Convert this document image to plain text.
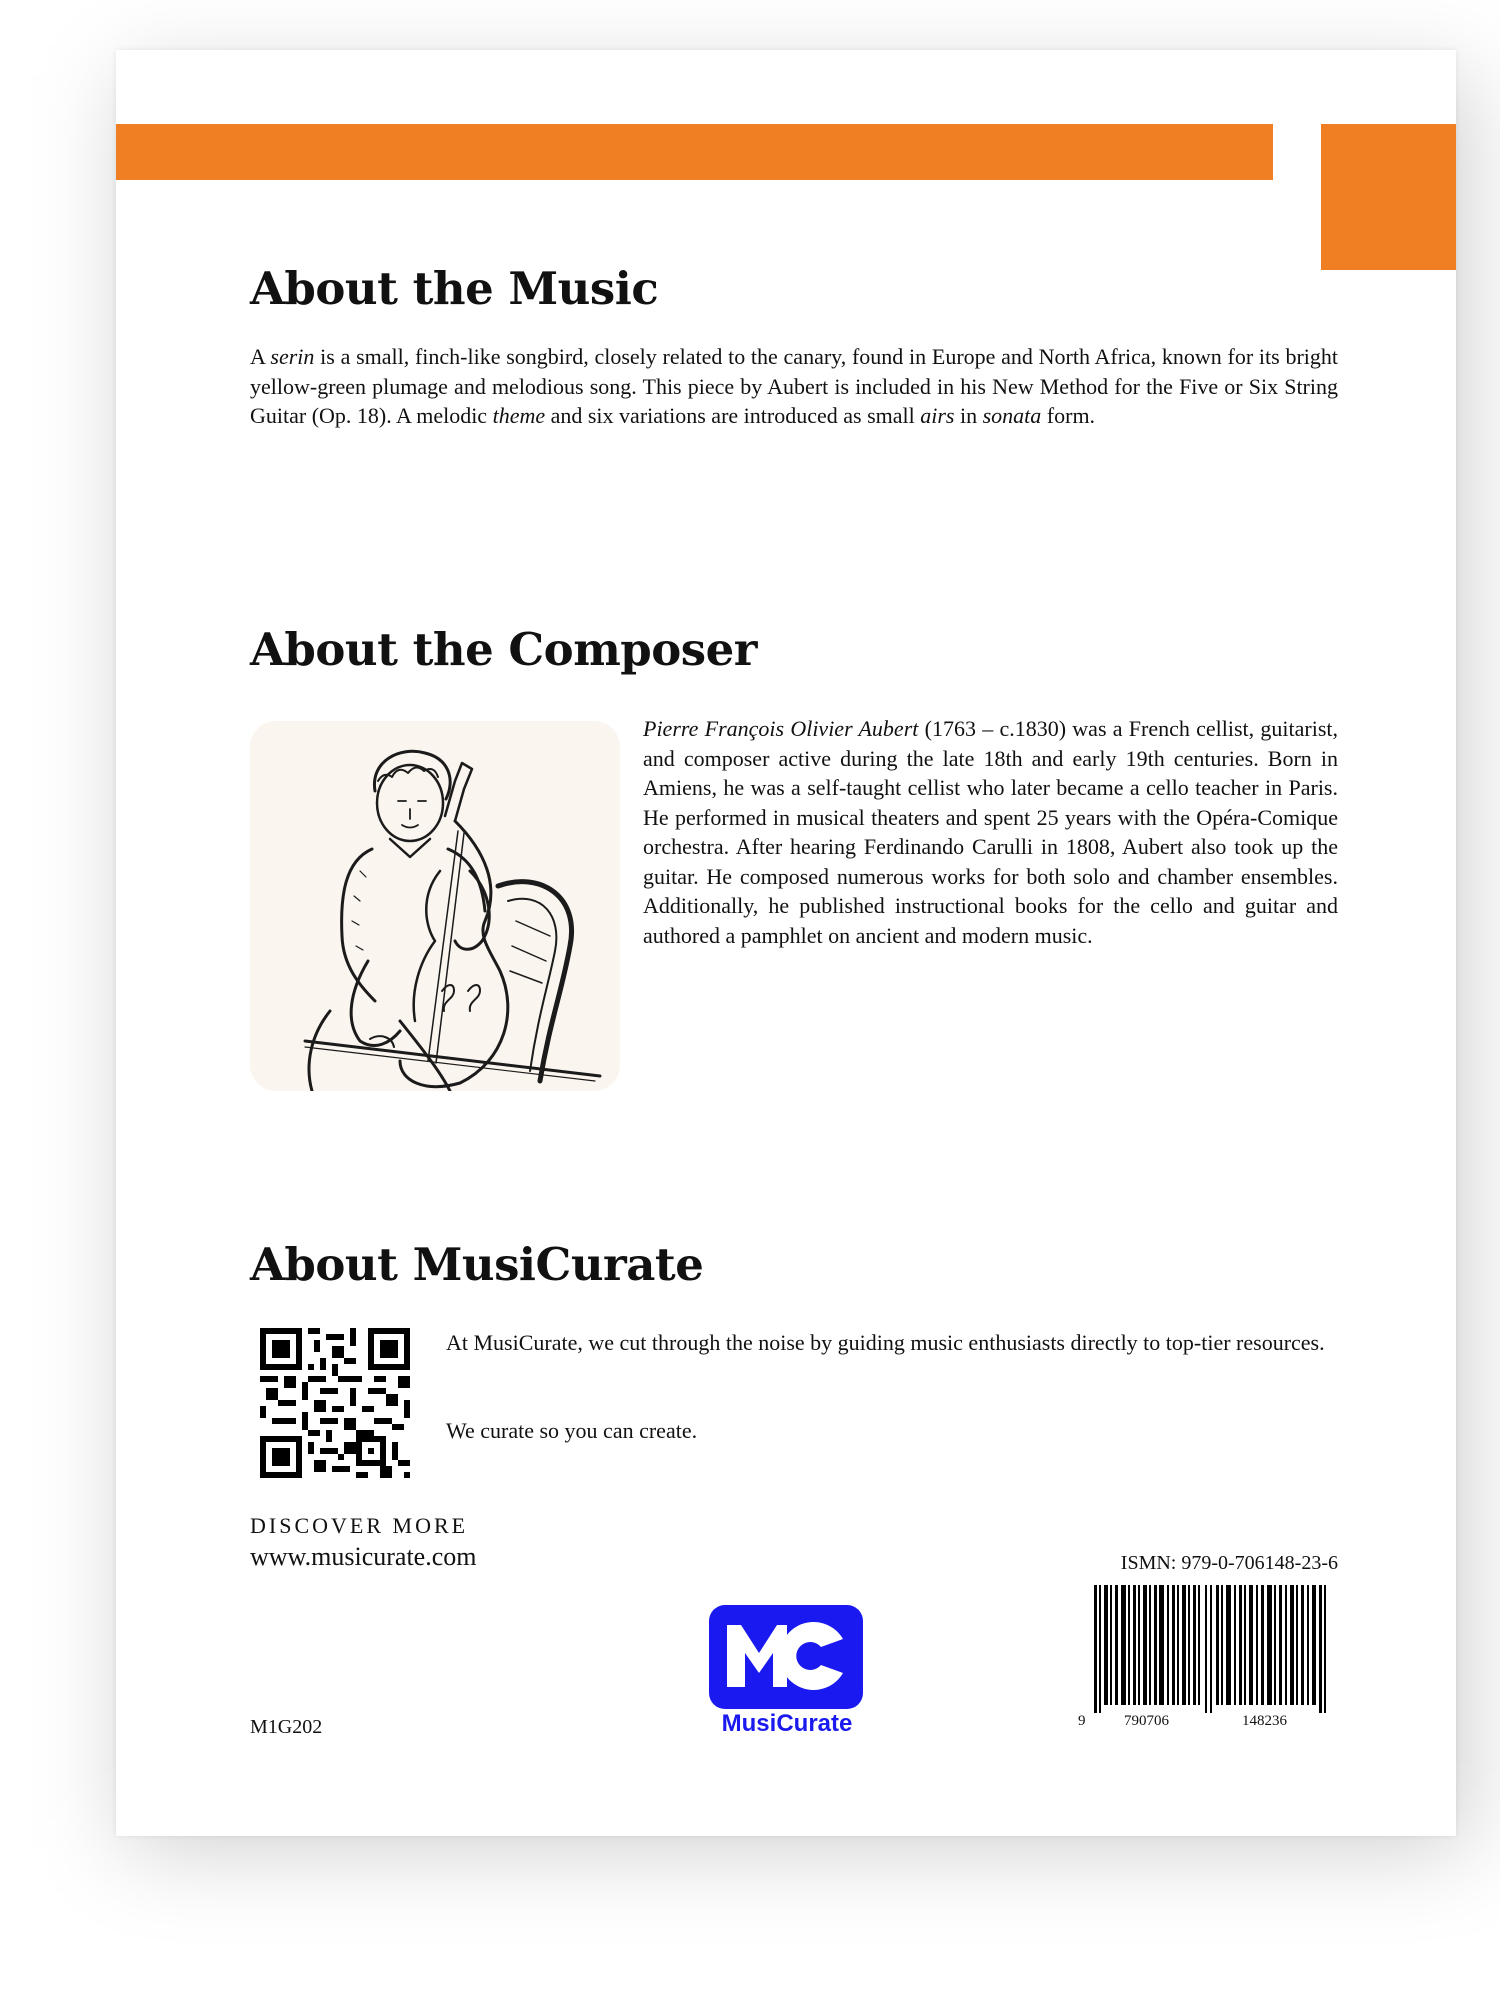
About the Music

A serin is a small, finch-like songbird, closely related to the canary, found in Europe and North Africa, known for its bright yellow-green plumage and melodious song. This piece by Aubert is included in his New Method for the Five or Six String Guitar (Op. 18). A melodic theme and six variations are introduced as small airs in sonata form.

About the Composer

Pierre François Olivier Aubert (1763 – c.1830) was a French cellist, guitarist, and composer active during the late 18th and early 19th centuries. Born in Amiens, he was a self-taught cellist who later became a cello teacher in Paris. He performed in musical theaters and spent 25 years with the Opéra-Comique orchestra. After hearing Ferdinando Carulli in 1808, Aubert also took up the guitar. He composed numerous works for both solo and chamber ensembles. Additionally, he published instructional books for the cello and guitar and authored a pamphlet on ancient and modern music.

About MusiCurate

At MusiCurate, we cut through the noise by guiding music enthusiasts directly to top-tier resources.

We curate so you can create.

DISCOVER MORE
www.musicurate.com
M1G202	MusiCurate
ISMN: 979-0-706148-23-6
9	790706	148236
